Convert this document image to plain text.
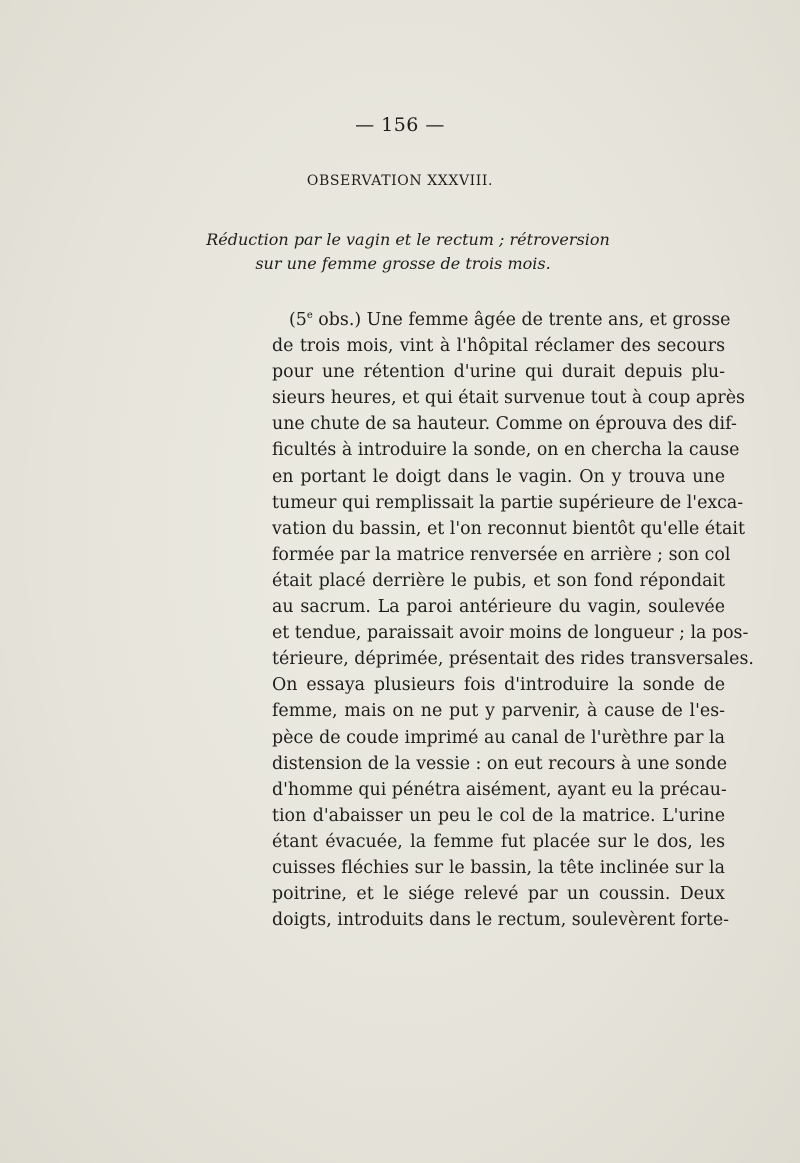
— 156 —
OBSERVATION XXXVIII.
Réduction par le vagin et le rectum ; rétroversion
sur une femme grosse de trois mois.
(5e obs.) Une femme âgée de trente ans, et grosse
de trois mois, vint à l'hôpital réclamer des secours
pour une rétention d'urine qui durait depuis plu-
sieurs heures, et qui était survenue tout à coup après
une chute de sa hauteur. Comme on éprouva des dif-
ficultés à introduire la sonde, on en chercha la cause
en portant le doigt dans le vagin. On y trouva une
tumeur qui remplissait la partie supérieure de l'exca-
vation du bassin, et l'on reconnut bientôt qu'elle était
formée par la matrice renversée en arrière ; son col
était placé derrière le pubis, et son fond répondait
au sacrum. La paroi antérieure du vagin, soulevée
et tendue, paraissait avoir moins de longueur ; la pos-
térieure, déprimée, présentait des rides transversales.
On essaya plusieurs fois d'introduire la sonde de
femme, mais on ne put y parvenir, à cause de l'es-
pèce de coude imprimé au canal de l'urèthre par la
distension de la vessie : on eut recours à une sonde
d'homme qui pénétra aisément, ayant eu la précau-
tion d'abaisser un peu le col de la matrice. L'urine
étant évacuée, la femme fut placée sur le dos, les
cuisses fléchies sur le bassin, la tête inclinée sur la
poitrine, et le siége relevé par un coussin. Deux
doigts, introduits dans le rectum, soulevèrent forte-
